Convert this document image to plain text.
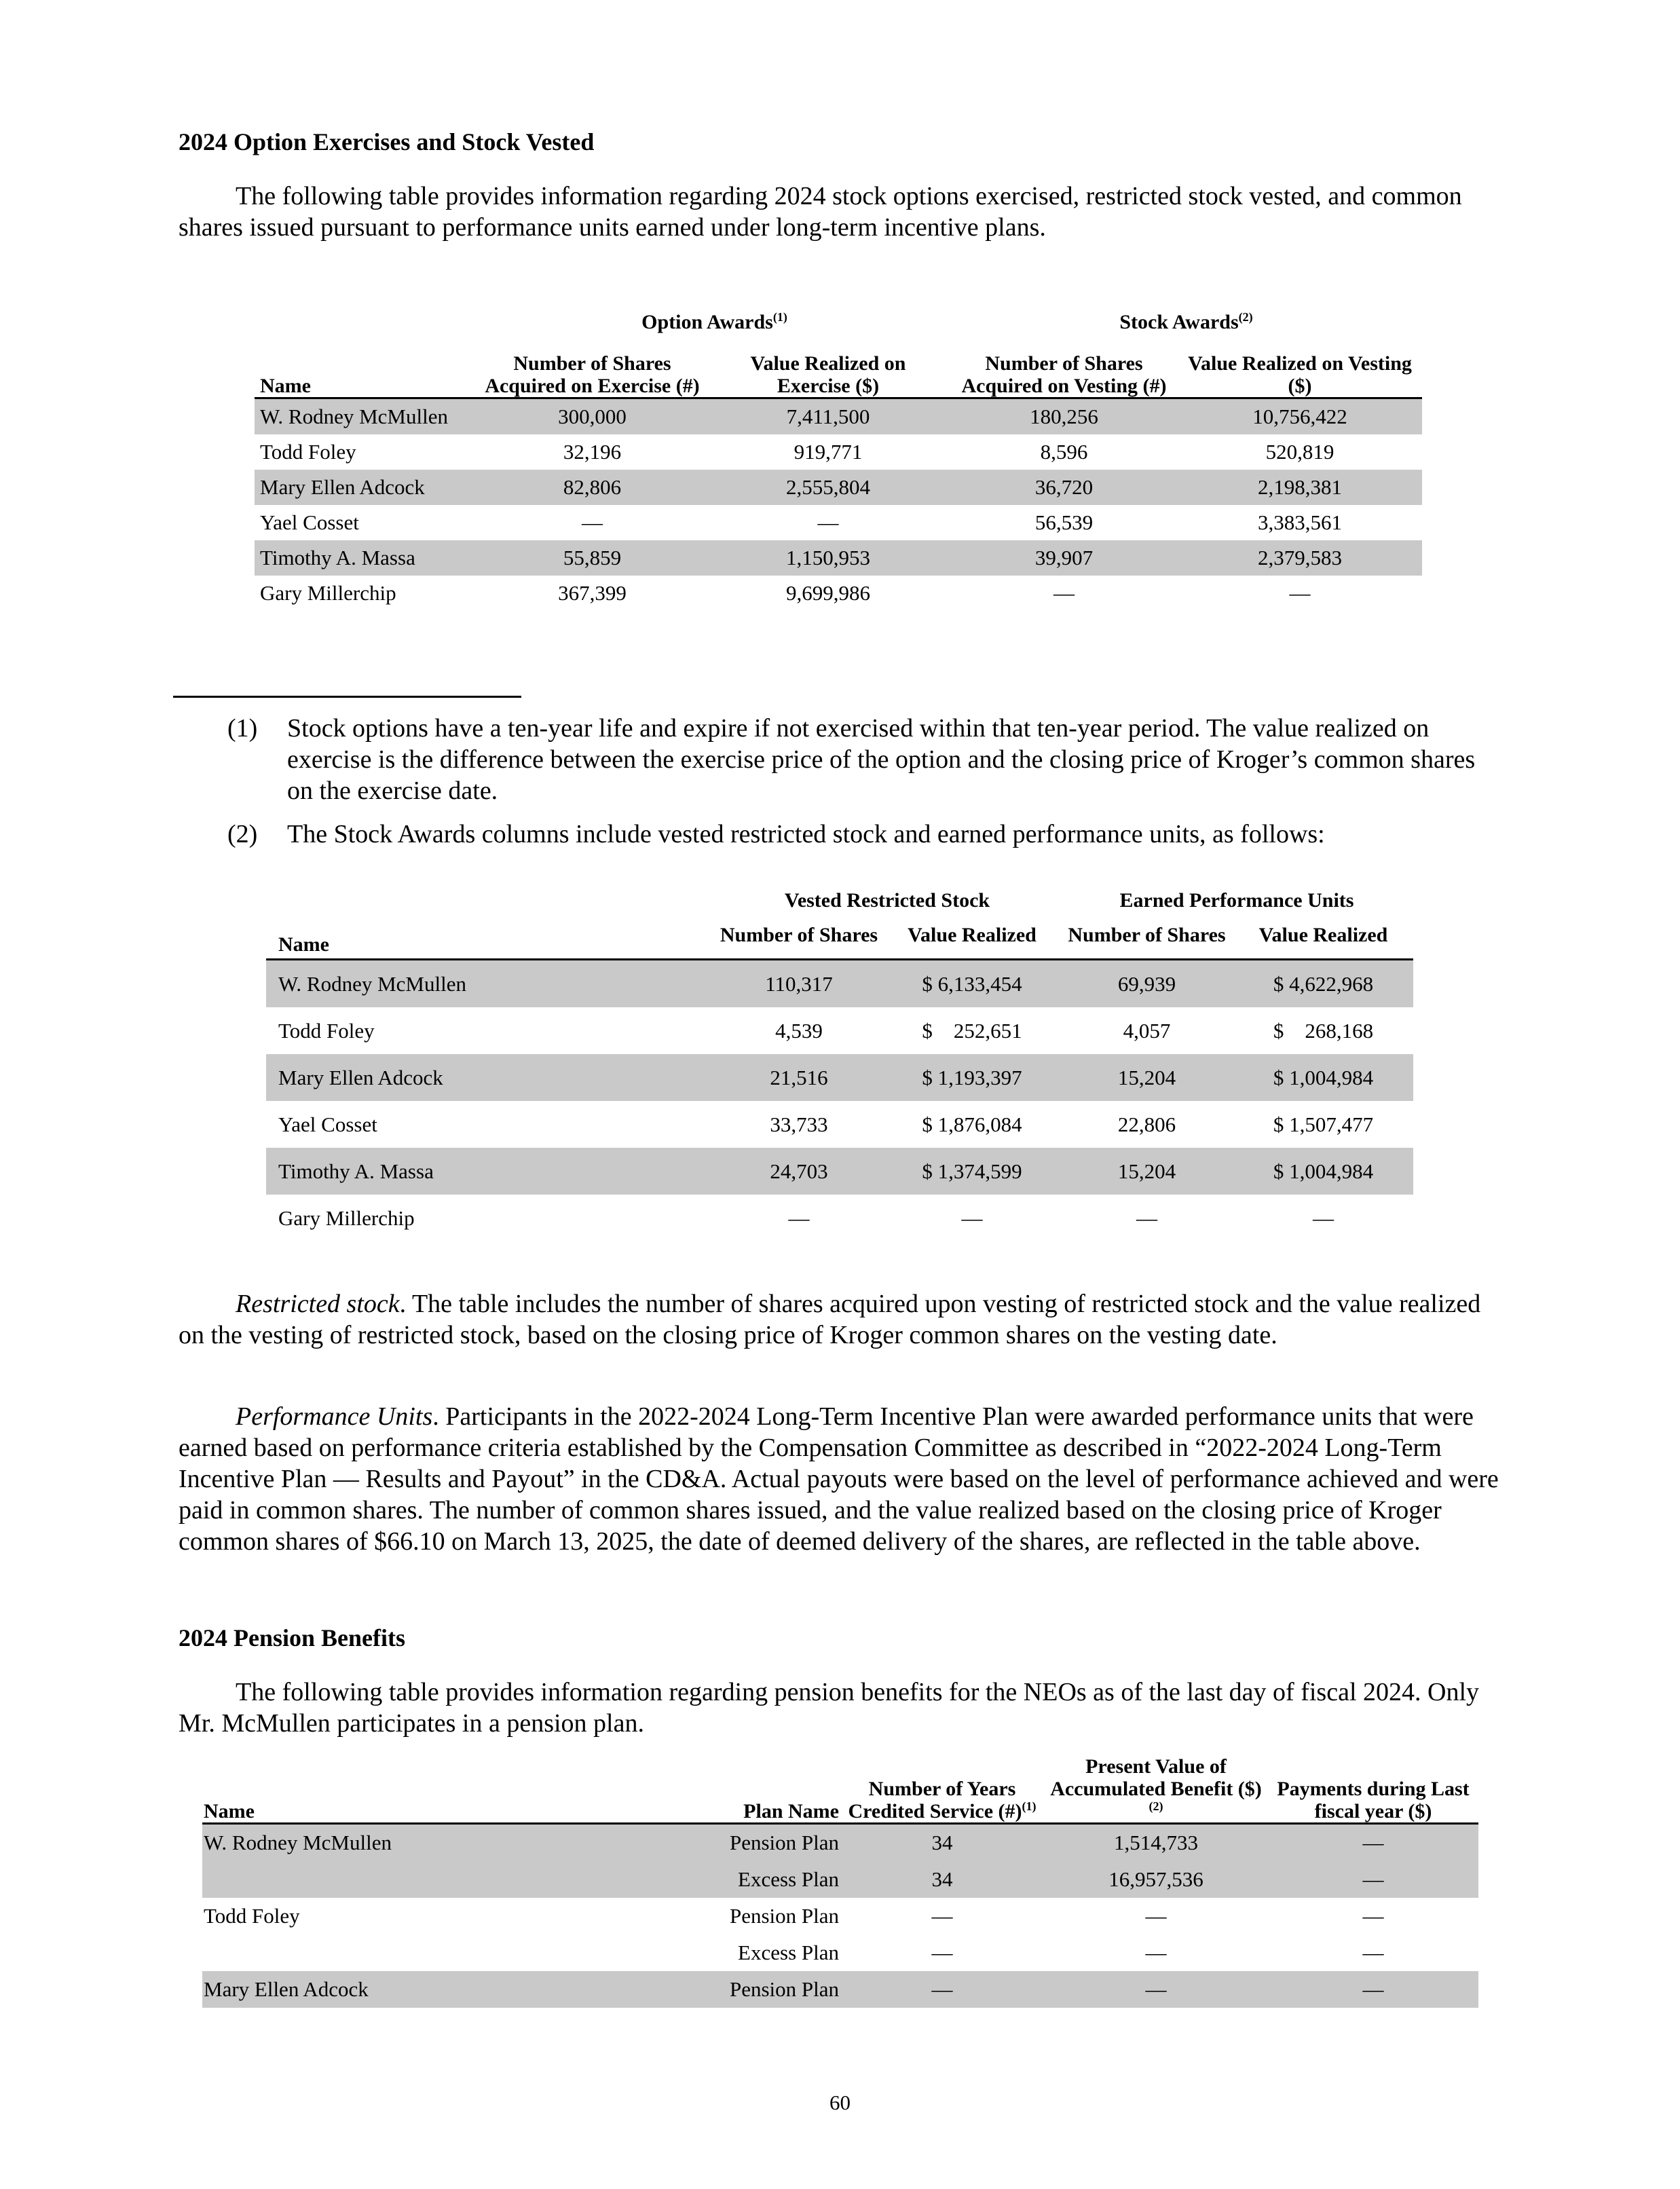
2024 Option Exercises and Stock Vested
The following table provides information regarding 2024 stock options exercised, restricted stock vested, and common shares issued pursuant to performance units earned under long-term incentive plans.
	Option Awards$^{(1)}$		Stock Awards$^{(2)}$
Name	Number of Shares Acquired on Exercise (#)	Value Realized on Exercise ($)	Number of Shares Acquired on Vesting (#)	Value Realized on Vesting ($)
W. Rodney McMullen	300,000	7,411,500	180,256	10,756,422
Todd Foley	32,196	919,771	8,596	520,819
Mary Ellen Adcock	82,806	2,555,804	36,720	2,198,381
Yael Cosset	—	—	56,539	3,383,561
Timothy A. Massa	55,859	1,150,953	39,907	2,379,583
Gary Millerchip	367,399	9,699,986	—	—
(1) Stock options have a ten-year life and expire if not exercised within that ten-year period. The value realized on exercise is the difference between the exercise price of the option and the closing price of Kroger’s common shares on the exercise date.
(2) The Stock Awards columns include vested restricted stock and earned performance units, as follows:
	Vested Restricted Stock		Earned Performance Units	
Name	Number of Shares	Value Realized	Number of Shares	Value Realized
W. Rodney McMullen	110,317	$ 6,133,454	69,939	$ 4,622,968
Todd Foley	4,539	$    252,651	4,057	$    268,168
Mary Ellen Adcock	21,516	$ 1,193,397	15,204	$ 1,004,984
Yael Cosset	33,733	$ 1,876,084	22,806	$ 1,507,477
Timothy A. Massa	24,703	$ 1,374,599	15,204	$ 1,004,984
Gary Millerchip	—	—	—	—
Restricted stock. The table includes the number of shares acquired upon vesting of restricted stock and the value realized on the vesting of restricted stock, based on the closing price of Kroger common shares on the vesting date.
Performance Units. Participants in the 2022-2024 Long-Term Incentive Plan were awarded performance units that were earned based on performance criteria established by the Compensation Committee as described in “2022-2024 Long-Term Incentive Plan — Results and Payout” in the CD&A. Actual payouts were based on the level of performance achieved and were paid in common shares. The number of common shares issued, and the value realized based on the closing price of Kroger common shares of $66.10 on March 13, 2025, the date of deemed delivery of the shares, are reflected in the table above.
2024 Pension Benefits
The following table provides information regarding pension benefits for the NEOs as of the last day of fiscal 2024. Only Mr. McMullen participates in a pension plan.
Name	Plan Name	Number of Years Credited Service (#)$^{(1)}$	Present Value of Accumulated Benefit ($)$^{(2)}$	Payments during Last fiscal year ($)
W. Rodney McMullen	Pension Plan	34	1,514,733	—
	Excess Plan	34	16,957,536	—
Todd Foley	Pension Plan	—	—	—
	Excess Plan	—	—	—
Mary Ellen Adcock	Pension Plan	—	—	—
60
